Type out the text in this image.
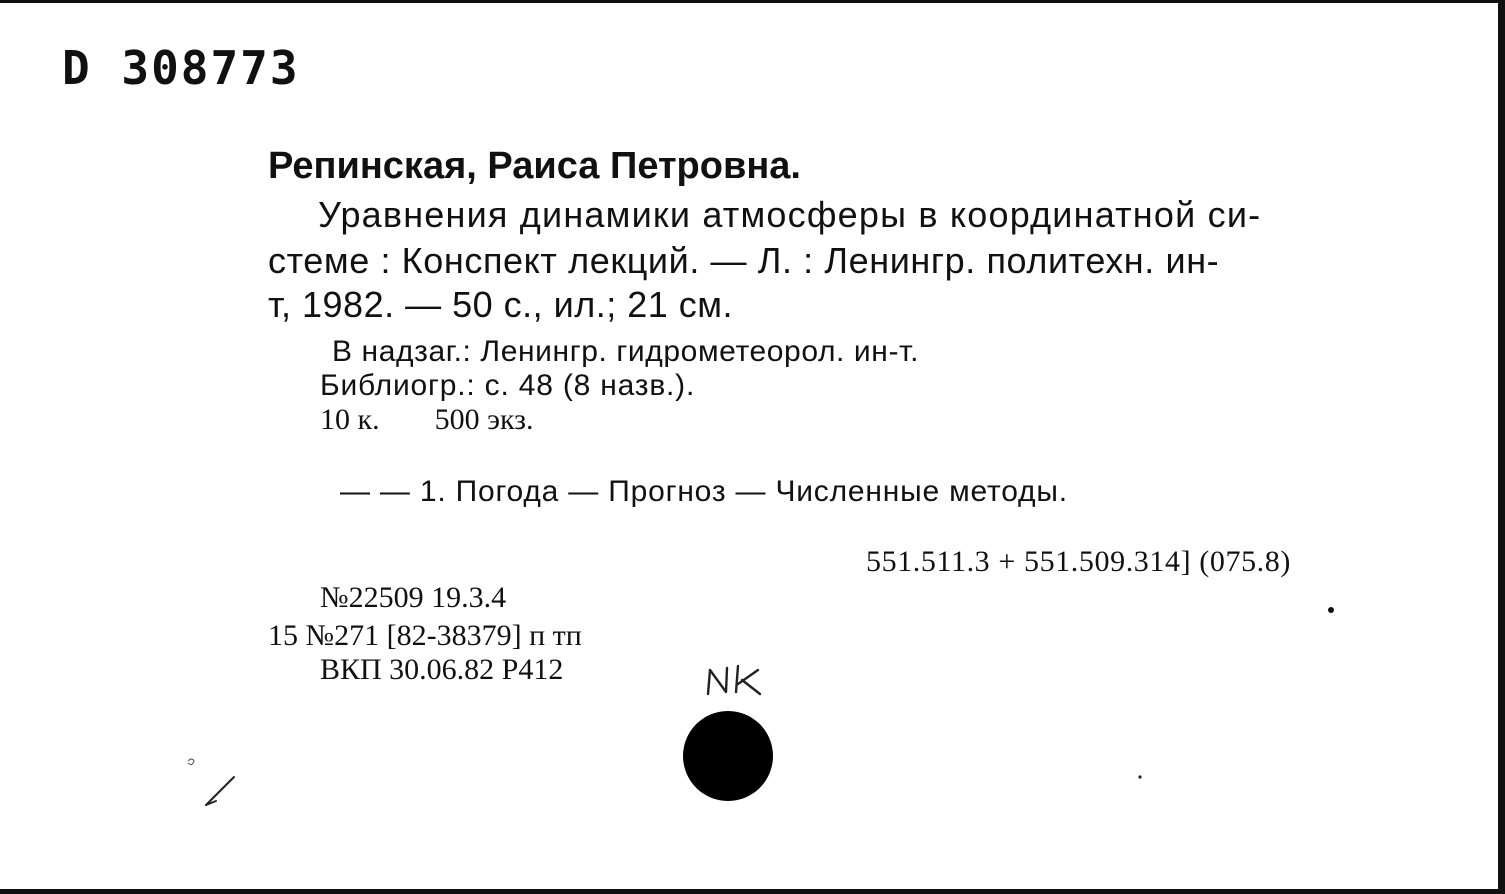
D 308773
Репинская, Раиса Петровна.
Уравнения динамики атмосферы в координатной си-
стеме : Конспект лекций. — Л. : Ленингр. политехн. ин-
т, 1982. — 50 с., ил.; 21 см.
В надзаг.: Ленингр. гидрометеорол. ин-т.
Библиогр.: с. 48 (8 назв.).
10 к. 500 экз.
— — 1. Погода — Прогноз — Численные методы.
551.511.3 + 551.509.314] (075.8)
№22509 19.3.4
15 №271 [82-38379] п тп
ВКП 30.06.82 Р412
